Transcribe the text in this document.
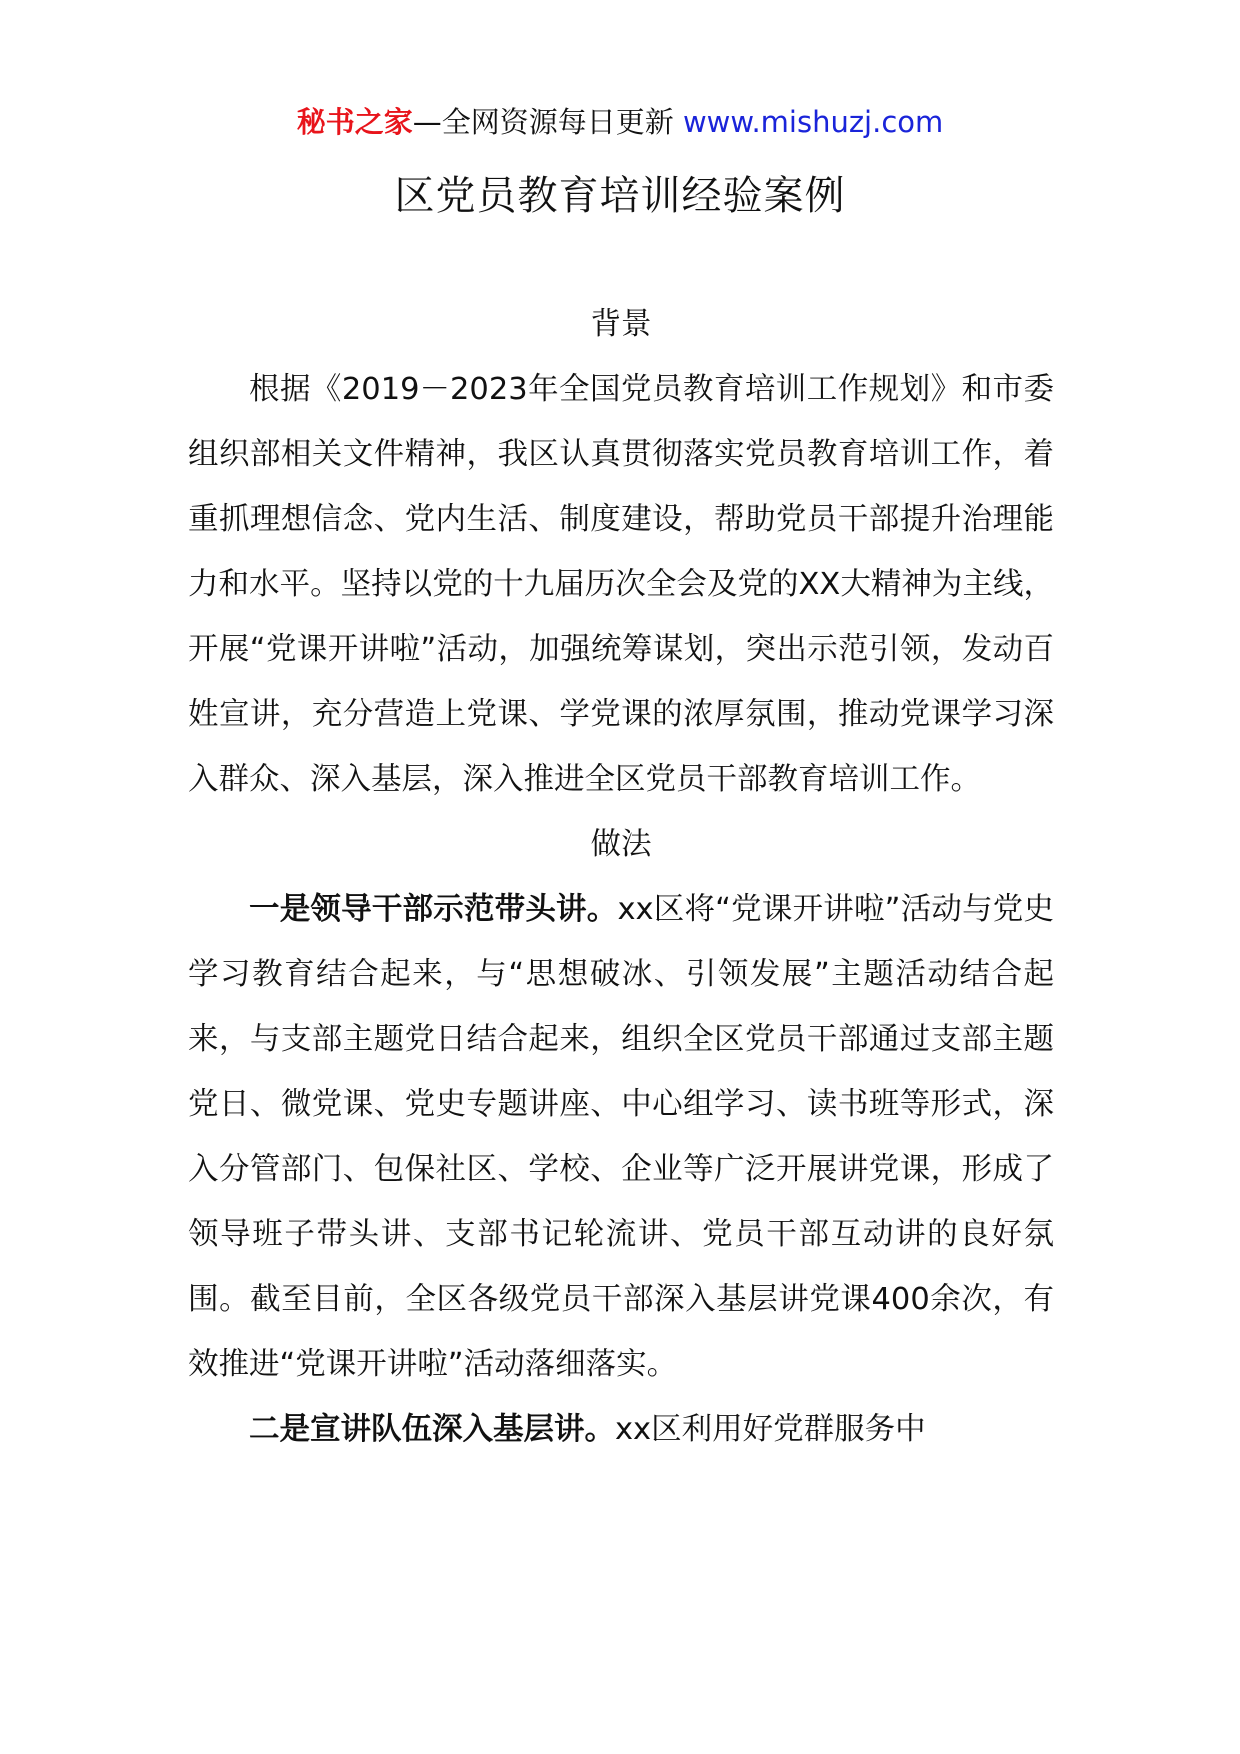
秘书之家—全网资源每日更新 www.mishuzj.com
区党员教育培训经验案例
背景

根据《2019－2023年全国党员教育培训工作规划》和市委组织部相关文件精神，我区认真贯彻落实党员教育培训工作，着重抓理想信念、党内生活、制度建设，帮助党员干部提升治理能力和水平。坚持以党的十九届历次全会及党的XX大精神为主线，开展“党课开讲啦”活动，加强统筹谋划，突出示范引领，发动百姓宣讲，充分营造上党课、学党课的浓厚氛围，推动党课学习深入群众、深入基层，深入推进全区党员干部教育培训工作。

做法

一是领导干部示范带头讲。xx区将“党课开讲啦”活动与党史学习教育结合起来，与“思想破冰、引领发展”主题活动结合起来，与支部主题党日结合起来，组织全区党员干部通过支部主题党日、微党课、党史专题讲座、中心组学习、读书班等形式，深入分管部门、包保社区、学校、企业等广泛开展讲党课，形成了领导班子带头讲、支部书记轮流讲、党员干部互动讲的良好氛围。截至目前，全区各级党员干部深入基层讲党课400余次，有效推进“党课开讲啦”活动落细落实。

二是宣讲队伍深入基层讲。xx区利用好党群服务中
